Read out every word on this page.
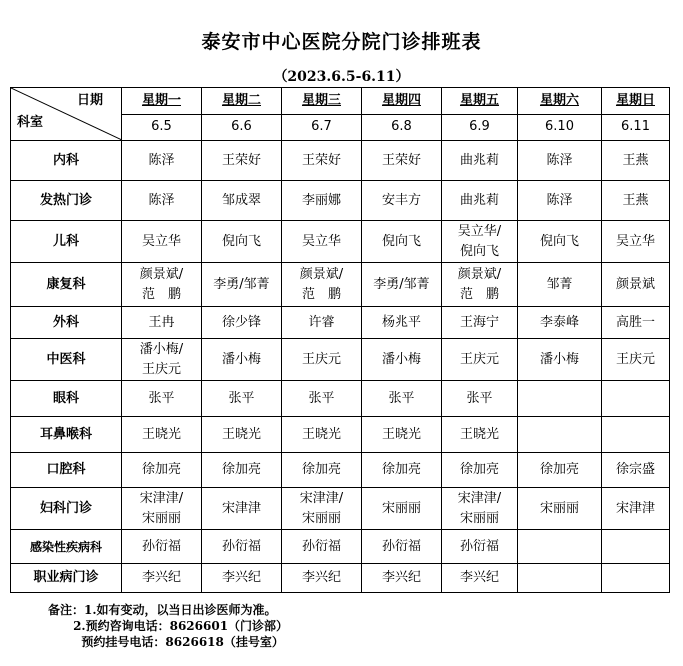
泰安市中心医院分院门诊排班表
（2023.6.5-6.11）
日期
科室	星期一	星期二	星期三	星期四	星期五	星期六	星期日
	6.5	6.6	6.7	6.8	6.9	6.10	6.11
内科	陈泽	王荣好	王荣好	王荣好	曲兆莉	陈泽	王燕

发热门诊	陈泽	邹成翠	李丽娜	安丰方	曲兆莉	陈泽	王燕

儿科	吴立华	倪向飞	吴立华	倪向飞	吴立华/
倪向飞	倪向飞	吴立华

康复科	颜景斌/
范　鹏	李勇/邹菁	颜景斌/
范　鹏	李勇/邹菁	颜景斌/
范　鹏	邹菁	颜景斌

外科	王冉	徐少锋	许睿	杨兆平	王海宁	李泰峰	高胜一

中医科	潘小梅/
王庆元	潘小梅	王庆元	潘小梅	王庆元	潘小梅	王庆元

眼科	张平	张平	张平	张平	张平		

耳鼻喉科	王晓光	王晓光	王晓光	王晓光	王晓光		

口腔科	徐加亮	徐加亮	徐加亮	徐加亮	徐加亮	徐加亮	徐宗盛

妇科门诊	宋津津/
宋丽丽	宋津津	宋津津/
宋丽丽	宋丽丽	宋津津/
宋丽丽	宋丽丽	宋津津

感染性疾病科	孙衍福	孙衍福	孙衍福	孙衍福	孙衍福		

职业病门诊	李兴纪	李兴纪	李兴纪	李兴纪	李兴纪		

备注：1.如有变动，以当日出诊医师为准。
2.预约咨询电话：8626601（门诊部）
预约挂号电话：8626618（挂号室）
